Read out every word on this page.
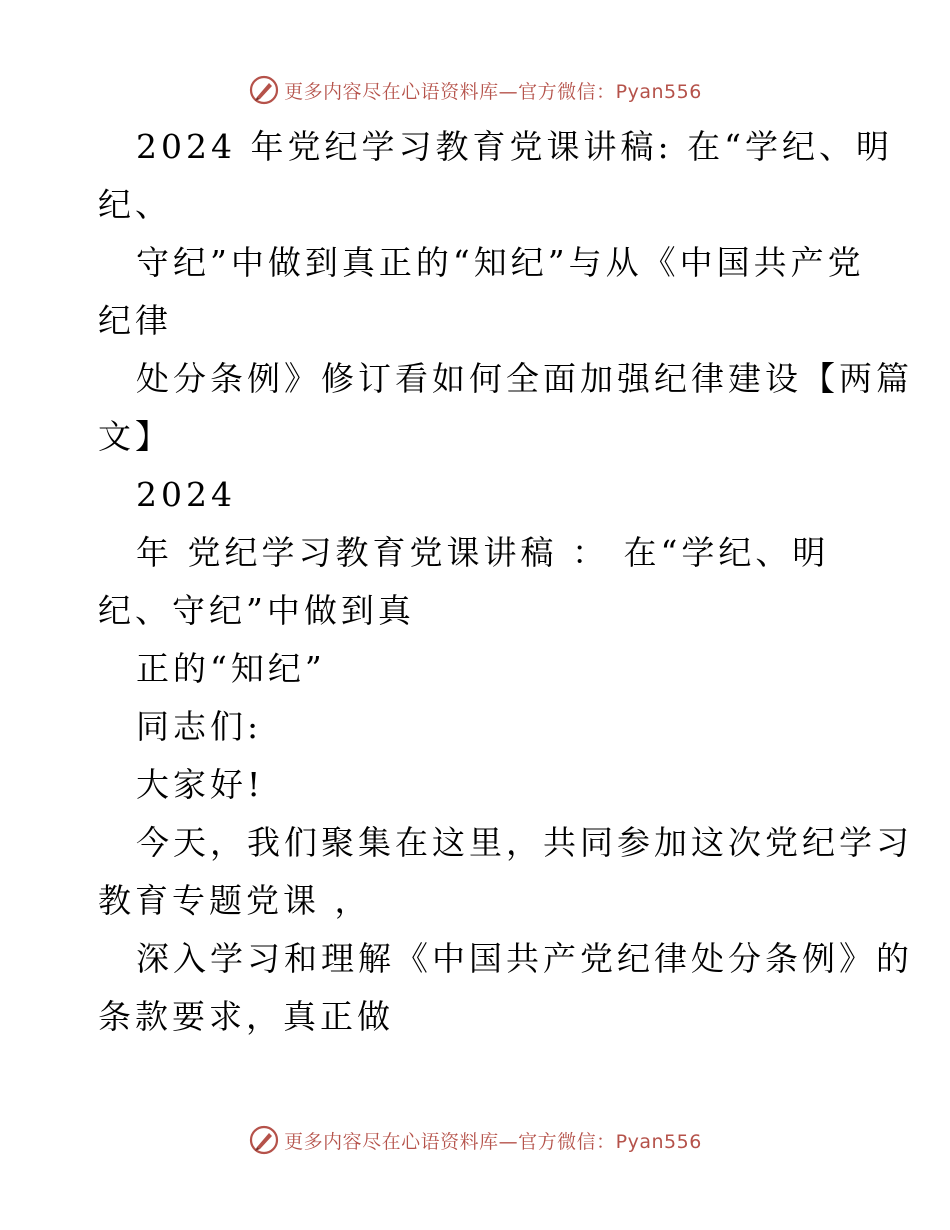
更多内容尽在心语资料库—官方微信：Pyan556
2024 年党纪学习教育党课讲稿: 在“学纪、明
纪、
守纪”中做到真正的“知纪”与从《中国共产党
纪律
处分条例》修订看如何全面加强纪律建设【两篇
文】
2024
年 党纪学习教育党课讲稿 ： 在“学纪、明
纪、守纪”中做到真
正的“知纪”
同志们:
大家好!
今天，我们聚集在这里，共同参加这次党纪学习
教育专题党课 ，
深入学习和理解《中国共产党纪律处分条例》的
条款要求，真正做
更多内容尽在心语资料库—官方微信：Pyan556
